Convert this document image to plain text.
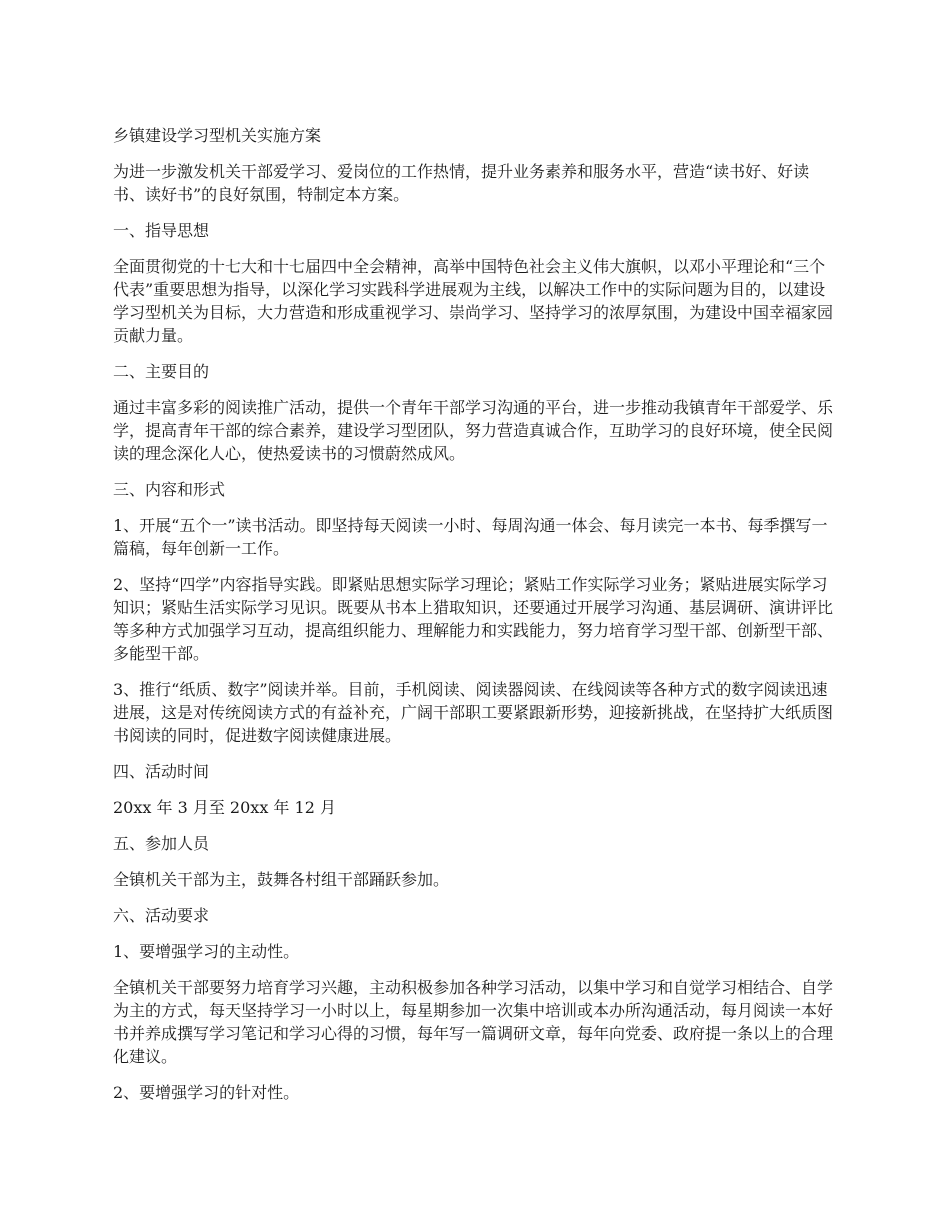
乡镇建设学习型机关实施方案

为进一步激发机关干部爱学习、爱岗位的工作热情，提升业务素养和服务水平，营造“读书好、好读书、读好书”的良好氛围，特制定本方案。

一、指导思想

全面贯彻党的十七大和十七届四中全会精神，高举中国特色社会主义伟大旗帜，以邓小平理论和“三个代表”重要思想为指导，以深化学习实践科学进展观为主线，以解决工作中的实际问题为目的，以建设学习型机关为目标，大力营造和形成重视学习、崇尚学习、坚持学习的浓厚氛围，为建设中国幸福家园贡献力量。

二、主要目的

通过丰富多彩的阅读推广活动，提供一个青年干部学习沟通的平台，进一步推动我镇青年干部爱学、乐学，提高青年干部的综合素养，建设学习型团队，努力营造真诚合作，互助学习的良好环境，使全民阅读的理念深化人心，使热爱读书的习惯蔚然成风。

三、内容和形式

1、开展“五个一”读书活动。即坚持每天阅读一小时、每周沟通一体会、每月读完一本书、每季撰写一篇稿，每年创新一工作。

2、坚持“四学”内容指导实践。即紧贴思想实际学习理论；紧贴工作实际学习业务；紧贴进展实际学习知识；紧贴生活实际学习见识。既要从书本上猎取知识，还要通过开展学习沟通、基层调研、演讲评比等多种方式加强学习互动，提高组织能力、理解能力和实践能力，努力培育学习型干部、创新型干部、多能型干部。

3、推行“纸质、数字”阅读并举。目前，手机阅读、阅读器阅读、在线阅读等各种方式的数字阅读迅速进展，这是对传统阅读方式的有益补充，广阔干部职工要紧跟新形势，迎接新挑战，在坚持扩大纸质图书阅读的同时，促进数字阅读健康进展。

四、活动时间

20xx 年 3 月至 20xx 年 12 月

五、参加人员

全镇机关干部为主，鼓舞各村组干部踊跃参加。

六、活动要求

1、要增强学习的主动性。

全镇机关干部要努力培育学习兴趣，主动积极参加各种学习活动，以集中学习和自觉学习相结合、自学为主的方式，每天坚持学习一小时以上，每星期参加一次集中培训或本办所沟通活动，每月阅读一本好书并养成撰写学习笔记和学习心得的习惯，每年写一篇调研文章，每年向党委、政府提一条以上的合理化建议。

2、要增强学习的针对性。
